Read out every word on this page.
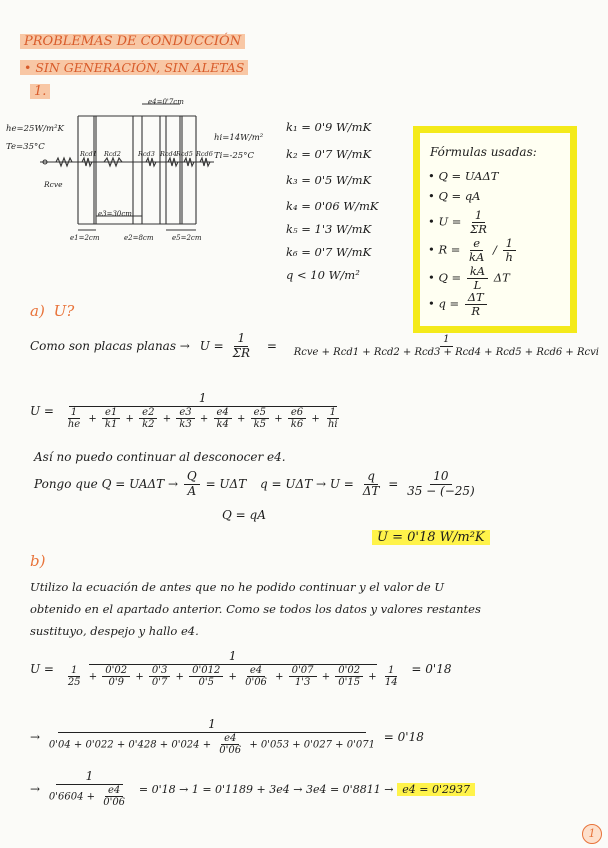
PROBLEMAS DE CONDUCCIÓN
• SIN GENERACIÓN, SIN ALETAS
1.
e4=0'7cm
he=25W/m²K
Te=35°C
hi=14W/m²
Ti=-25°C
Rcve
Rcd1 Rcd2	Rcd3 Rcd4 Rcd5 Rcd6
e3=30cm
e1=2cm	e2=8cm	e5=2cm
k₁ = 0'9 W/mK
k₂ = 0'7 W/mK
k₃ = 0'5 W/mK
k₄ = 0'06 W/mK
k₅ = 1'3 W/mK
k₆ = 0'7 W/mK
q < 10 W/m²
Fórmulas usadas:
• Q = UAΔT
• Q = qA
• $U = \frac{1}{\Sigma R}$
• $R = \frac{e}{kA} / \frac{1}{h}$
• $Q = \frac{kA}{L}$ ΔT
• $q = \frac{\Delta T}{R}$
a) U?
Como son placas planas → $U = \frac{1}{\Sigma R} = \frac{1}{\text{Rcve + Rcd1 + Rcd2 + Rcd3 + Rcd4 + Rcd5 + Rcd6 + Rcvi}}$
U =
1
$\frac{1}{he} + \frac{e1}{k1} + \frac{e2}{k2} + \frac{e3}{k3} + \frac{e4}{k4} + \frac{e5}{k5} + \frac{e6}{k6} + \frac{1}{hi}$
Así no puedo continuar al desconocer e4.
Pongo que $Q = UA\Delta T \to \frac{Q}{A} = U\Delta T$ $q = U\Delta T \to U = \frac{q}{\Delta T} = \frac{10}{35 - (-25)}$
Q = qA
U = 0'18 W/m²K
b)
Utilizo la ecuación de antes que no he podido continuar y el valor de U
obtenido en el apartado anterior. Como se todos los datos y valores restantes
sustituyo, despejo y hallo e4.
U =
1
$\frac{1}{25} + \frac{0'02}{0'9} + \frac{0'3}{0'7} + \frac{0'012}{0'5} + \frac{e4}{0'06} + \frac{0'07}{1'3} + \frac{0'02}{0'15} + \frac{1}{14} = 0'18$
→
1
$0'04 + 0'022 + 0'428 + 0'024 + \frac{e4}{0'06} + 0'053 + 0'027 + 0'071$
= 0'18
→ $\frac{1}{0'6604 + \frac{e4}{0'06}} = 0'18 \to 1 = 0'1189 + 3e4 \to 3e4 = 0'8811 \to e4 = 0'2937$
1
